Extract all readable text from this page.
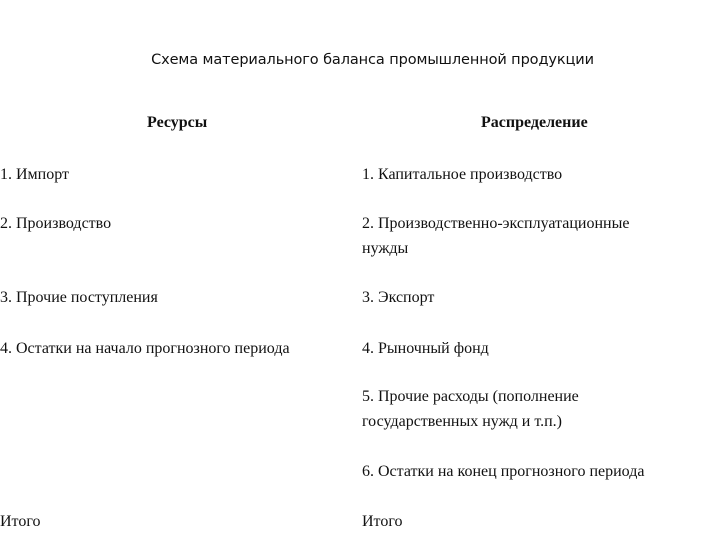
Схема материального баланса промышленной продукции
Ресурсы	Распределение
1. Импорт
2. Производство
3. Прочие поступления
4. Остатки на начало прогнозного периода
Итого
1. Капитальное производство
2. Производственно-эксплуатационные
нужды
3. Экспорт
4. Рыночный фонд
5. Прочие расходы (пополнение
государственных нужд и т.п.)
6. Остатки на конец прогнозного периода
Итого
